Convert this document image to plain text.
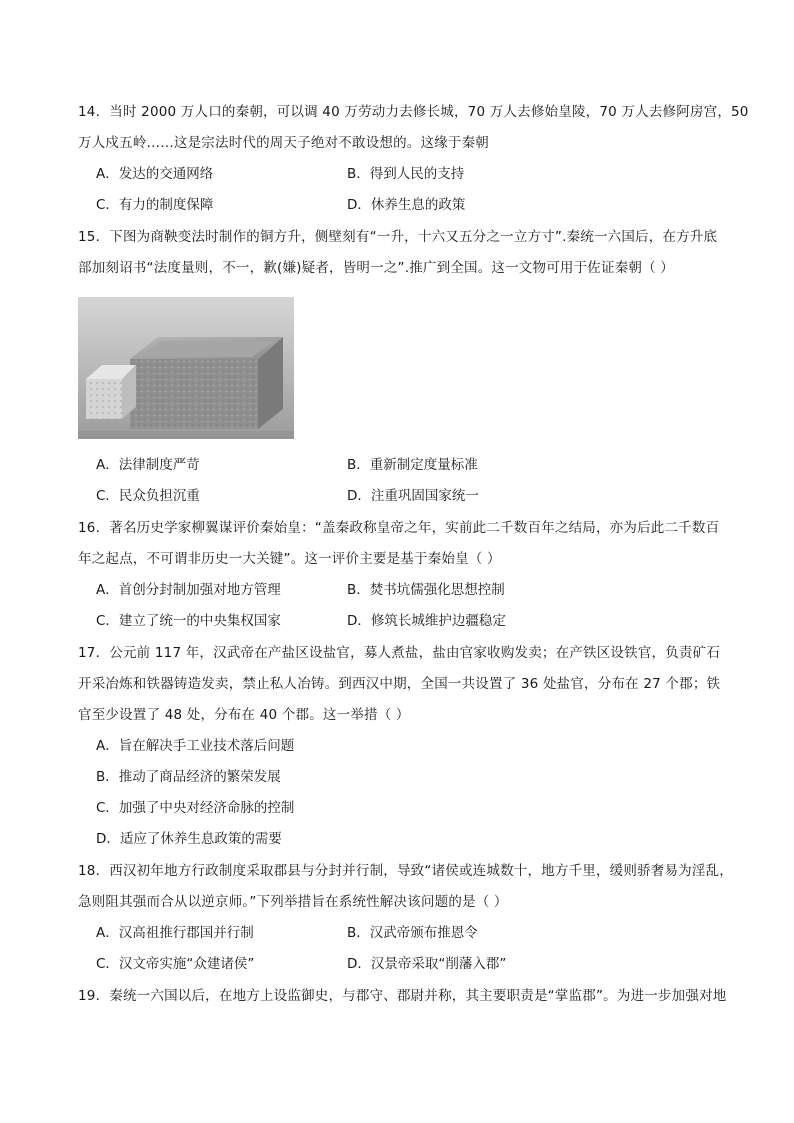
14．当时 2000 万人口的秦朝，可以调 40 万劳动力去修长城，70 万人去修始皇陵，70 万人去修阿房宫，50
万人戍五岭……这是宗法时代的周天子绝对不敢设想的。这缘于秦朝
A．发达的交通网络	B．得到人民的支持
C．有力的制度保障	D．休养生息的政策
15．下图为商鞅变法时制作的铜方升，侧壁刻有“一升，十六又五分之一立方寸”.秦统一六国后，在方升底
部加刻诏书“法度量则，不一，歉(嫌)疑者，皆明一之”.推广到全国。这一文物可用于佐证秦朝（ ）
A．法律制度严苛	B．重新制定度量标准
C．民众负担沉重	D．注重巩固国家统一
16．著名历史学家柳翼谋评价秦始皇：“盖秦政称皇帝之年，实前此二千数百年之结局，亦为后此二千数百
年之起点，不可谓非历史一大关键”。这一评价主要是基于秦始皇（ ）
A．首创分封制加强对地方管理	B．焚书坑儒强化思想控制
C．建立了统一的中央集权国家	D．修筑长城维护边疆稳定
17．公元前 117 年，汉武帝在产盐区设盐官，募人煮盐，盐由官家收购发卖；在产铁区设铁官，负责矿石
开采冶炼和铁器铸造发卖，禁止私人冶铸。到西汉中期，全国一共设置了 36 处盐官，分布在 27 个郡；铁
官至少设置了 48 处，分布在 40 个郡。这一举措（ ）
A．旨在解决手工业技术落后问题
B．推动了商品经济的繁荣发展
C．加强了中央对经济命脉的控制
D．适应了休养生息政策的需要
18．西汉初年地方行政制度采取郡县与分封并行制，导致“诸侯或连城数十，地方千里，缓则骄奢易为淫乱，
急则阻其强而合从以逆京师。”下列举措旨在系统性解决该问题的是（ ）
A．汉高祖推行郡国并行制	B．汉武帝颁布推恩令
C．汉文帝实施“众建诸侯”	D．汉景帝采取“削藩入郡”
19．秦统一六国以后，在地方上设监御史，与郡守、郡尉并称，其主要职责是“掌监郡”。为进一步加强对地
